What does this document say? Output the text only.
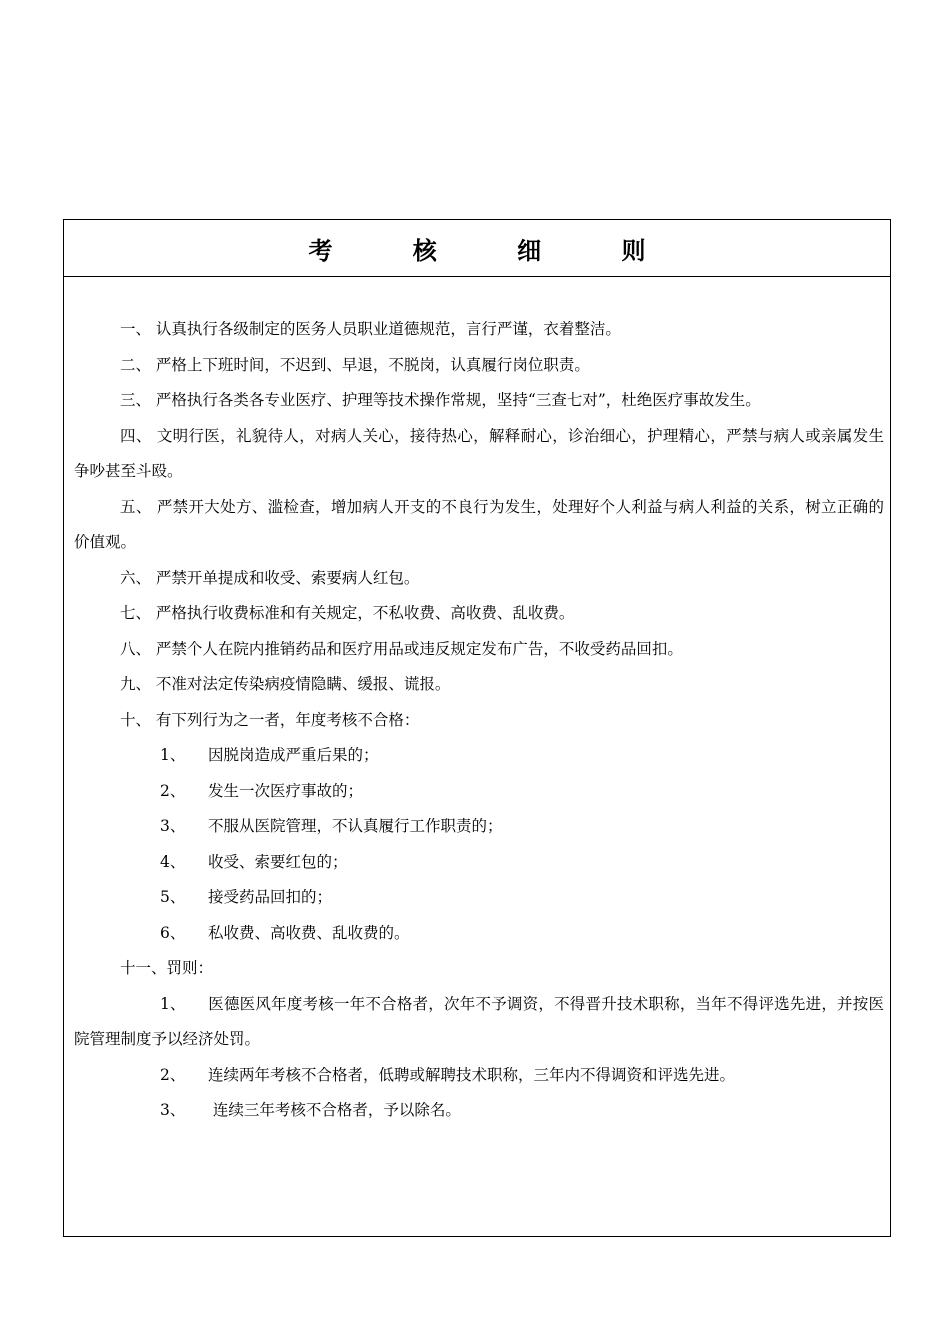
考 核 细 则

一、 认真执行各级制定的医务人员职业道德规范，言行严谨，衣着整洁。

二、 严格上下班时间，不迟到、早退，不脱岗，认真履行岗位职责。

三、 严格执行各类各专业医疗、护理等技术操作常规，坚持“三查七对”，杜绝医疗事故发生。

四、 文明行医，礼貌待人，对病人关心，接待热心，解释耐心，诊治细心，护理精心，严禁与病人或亲属发生争吵甚至斗殴。

五、 严禁开大处方、滥检查，增加病人开支的不良行为发生，处理好个人利益与病人利益的关系，树立正确的价值观。

六、 严禁开单提成和收受、索要病人红包。

七、 严格执行收费标准和有关规定，不私收费、高收费、乱收费。

八、 严禁个人在院内推销药品和医疗用品或违反规定发布广告，不收受药品回扣。

九、 不准对法定传染病疫情隐瞒、缓报、谎报。

十、 有下列行为之一者，年度考核不合格：

1、 因脱岗造成严重后果的；

2、 发生一次医疗事故的；

3、 不服从医院管理，不认真履行工作职责的；

4、 收受、索要红包的；

5、 接受药品回扣的；

6、 私收费、高收费、乱收费的。

十一、罚则：

1、 医德医风年度考核一年不合格者，次年不予调资，不得晋升技术职称，当年不得评选先进，并按医院管理制度予以经济处罚。

2、 连续两年考核不合格者，低聘或解聘技术职称，三年内不得调资和评选先进。

3、 连续三年考核不合格者，予以除名。
